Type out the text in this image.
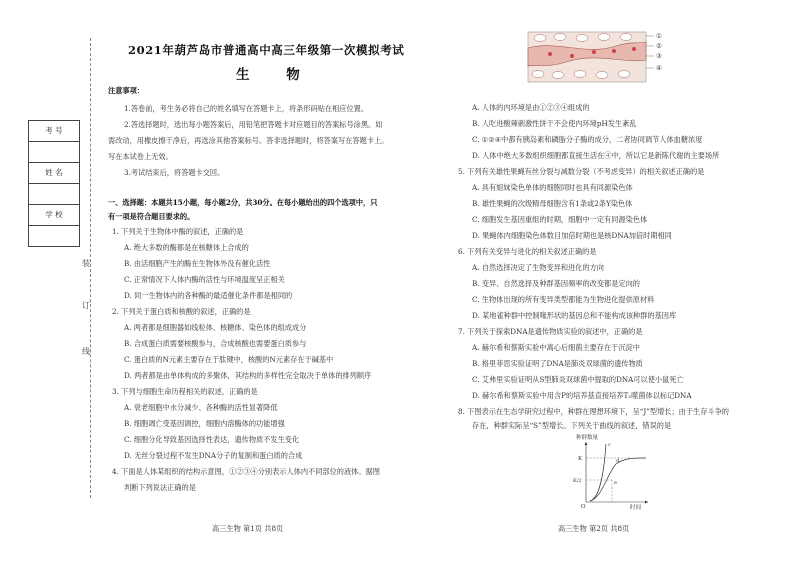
2021年葫芦岛市普通高中高三年级第一次模拟考试
生 物
考 号
姓 名
学 校
装
订
线
注意事项：
1.答卷前，考生务必将自己的姓名填写在答题卡上，将条形码贴在相应位置。
2.答选择题时，选出每小题答案后，用铅笔把答题卡对应题目的答案标号涂黑。如
需改动，用橡皮擦干净后，再选涂其他答案标号。答非选择题时，将答案写在答题卡上。
写在本试卷上无效。
3.考试结束后，将答题卡交回。
一、选择题：本题共15小题，每小题2分，共30分。在每小题给出的四个选项中，只
有一项是符合题目要求的。
1. 下列关于生物体中酶的叙述，正确的是
A. 绝大多数的酶都是在核糖体上合成的
B. 由活细胞产生的酶在生物体外没有催化活性
C. 正常情况下人体内酶的活性与环境温度呈正相关
D. 同一生物体内的各种酶的最适催化条件都是相同的
2. 下列关于蛋白质和核酸的叙述，正确的是
A. 两者都是细胞器如线粒体、核糖体、染色体的组成成分
B. 合成蛋白质需要核酸参与，合成核酸也需要蛋白质参与
C. 蛋白质的N元素主要存在于肽键中，核酸的N元素存在于碱基中
D. 两者都是由单体构成的多聚体，其结构的多样性完全取决于单体的排列顺序
3. 下列与细胞生命历程相关的叙述，正确的是
A. 衰老细胞中水分减少、各种酶的活性显著降低
B. 细胞凋亡受基因调控，细胞内溶酶体的功能增强
C. 细胞分化导致基因选择性表达，遗传物质不发生变化
D. 无丝分裂过程不发生DNA分子的复制和蛋白质的合成
4. 下面是人体某组织的结构示意图，①②③④分别表示人体内不同部位的液体。据图
判断下列说法正确的是
高三生物 第1页 共8页
①
②
③
④
A. 人体的内环境是由①②③④组成的
B. 人吃进酸辣刺激性饼干不会使内环境pH发生紊乱
C. ①②④中都有胰岛素和磷脂分子酶的成分，二者协同调节人体血糖浓度
D. 人体中绝大多数组织细胞都直接生活在④中，所以它是新陈代谢的主要场所
5. 下列有关雄性果蝇有丝分裂与减数分裂（不考虑变异）的相关叙述正确的是
A. 具有姐妹染色单体的细胞同时也具有同源染色体
B. 雄性果蝇的次级精母细胞含有1条或2条Y染色体
C. 细胞发生基因重组的时期，细胞中一定有同源染色体
D. 果蝇体内细胞染色体数目加倍时期也是核DNA加倍时期相同
6. 下列有关变异与进化的相关叙述正确的是
A. 自然选择决定了生物变异和进化的方向
B. 变异、自然选择及种群基因频率的改变都是定向的
C. 生物体出现的所有变异类型都能为生物进化提供原材料
D. 某地雀种群中控制喙形状的基因总和不能构成该种群的基因库
7. 下列关于探索DNA是遗传物质实验的叙述中，正确的是
A. 赫尔希和蔡斯实验中离心后细菌主要存在于沉淀中
B. 格里菲思实验证明了DNA是肺炎双球菌的遗传物质
C. 艾弗里实验证明从S型肺炎双球菌中提取的DNA可以使小鼠死亡
D. 赫尔希和蔡斯实验中用含P的培养基直接培养T₂噬菌体以标记DNA
8. 下图表示在生态学研究过程中，种群在理想环境下，呈“J”型增长；由于生存斗争的
存在，种群实际呈“S”型增长。下列关于曲线的叙述，错误的是
种群数量
K
K/2
O
c
d
e
时间
高三生物 第2页 共8页
